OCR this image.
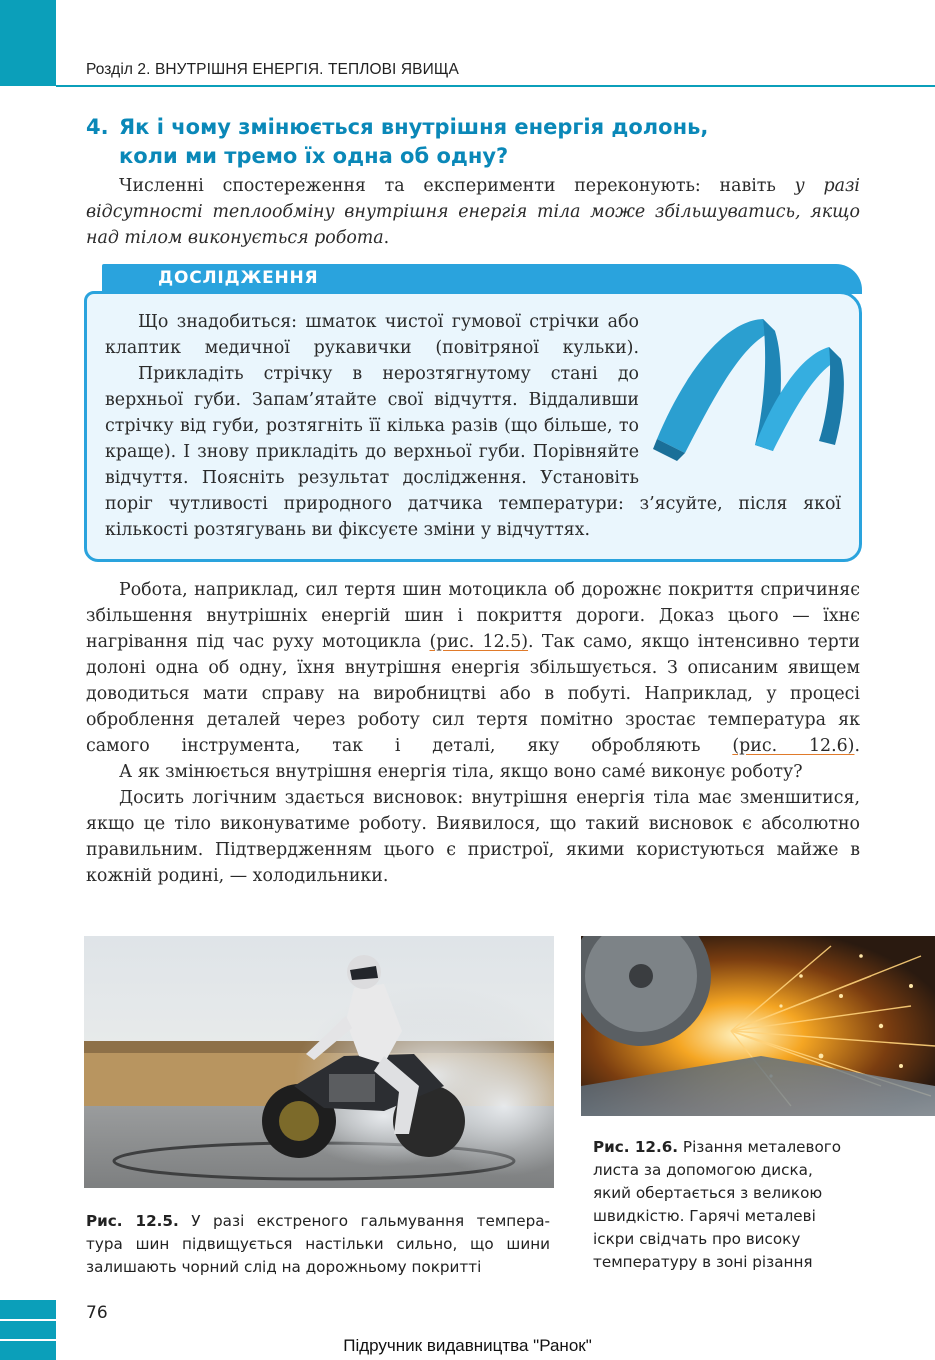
Розділ 2. ВНУТРІШНЯ ЕНЕРГІЯ. ТЕПЛОВІ ЯВИЩА
4. Як і чому змінюється внутрішня енергія долонь,
коли ми тремо їх одна об одну?

Численні спостереження та експерименти переконують: навіть у разі відсутності теплообміну внутрішня енергія тіла може збільшуватись, якщо над тілом виконується робота.

ДОСЛІДЖЕННЯ

Що знадобиться: шматок чистої гумової стрічки або клаптик медичної рукавички (повітряної кульки).

Прикладіть стрічку в нерозтягнутому стані до верхньої губи. Запам’ятайте свої відчуття. Віддаливши стрічку від губи, розтягніть її кілька разів (що більше, то краще). І знову прикладіть до верхньої губи. Порівняйте відчуття. Поясніть результат дослідження. Установіть поріг чутливості природного датчика температури: з’ясуйте, після якої кількості розтягувань ви фіксуєте зміни у відчуттях.

Робота, наприклад, сил тертя шин мотоцикла об дорожнє покриття спричиняє збільшення внутрішніх енергій шин і покриття дороги. Доказ цього — їхнє нагрівання під час руху мотоцикла (рис. 12.5). Так само, якщо інтенсивно терти долоні одна об одну, їхня внутрішня енергія збільшується. З описаним явищем доводиться мати справу на виробництві або в побуті. Наприклад, у процесі оброблення деталей через роботу сил тертя помітно зростає температура як самого інструмента, так і деталі, яку обробляють (рис. 12.6).

А як змінюється внутрішня енергія тіла, якщо воно саме́ виконує роботу?

Досить логічним здається висновок: внутрішня енергія тіла має зменшитися, якщо це тіло виконуватиме роботу. Виявилося, що такий висновок є абсолютно правильним. Підтвердженням цього є пристрої, якими користуються майже в кожній родині, — холодильники.

Рис. 12.5. У разі екстреного гальмування темпера-
тура шин підвищується настільки сильно, що шини
залишають чорний слід на дорожньому покритті
Рис. 12.6. Різання металевого
листа за допомогою диска,
який обертається з великою
швидкістю. Гарячі металеві
іскри свідчать про високу
температуру в зоні різання
76
Підручник видавництва "Ранок"
